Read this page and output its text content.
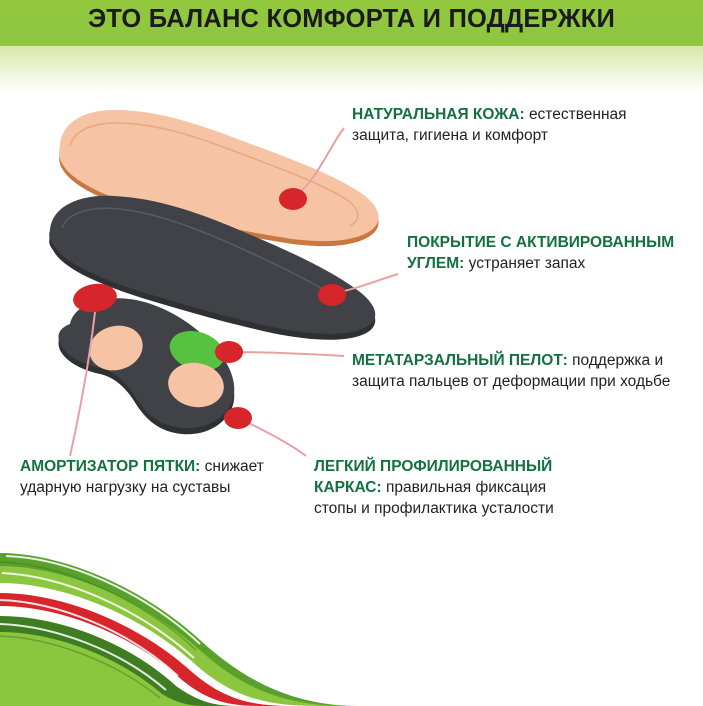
ЭТО БАЛАНС КОМФОРТА И ПОДДЕРЖКИ
НАТУРАЛЬНАЯ КОЖА: естественная защита, гигиена и комфорт
ПОКРЫТИЕ С АКТИВИРОВАННЫМ УГЛЕМ: устраняет запах
МЕТАТАРЗАЛЬНЫЙ ПЕЛОТ: поддержка и защита пальцев от деформации при ходьбе
АМОРТИЗАТОР ПЯТКИ: снижает ударную нагрузку на суставы
ЛЕГКИЙ ПРОФИЛИРОВАННЫЙ КАРКАС: правильная фиксация стопы и профилактика усталости
